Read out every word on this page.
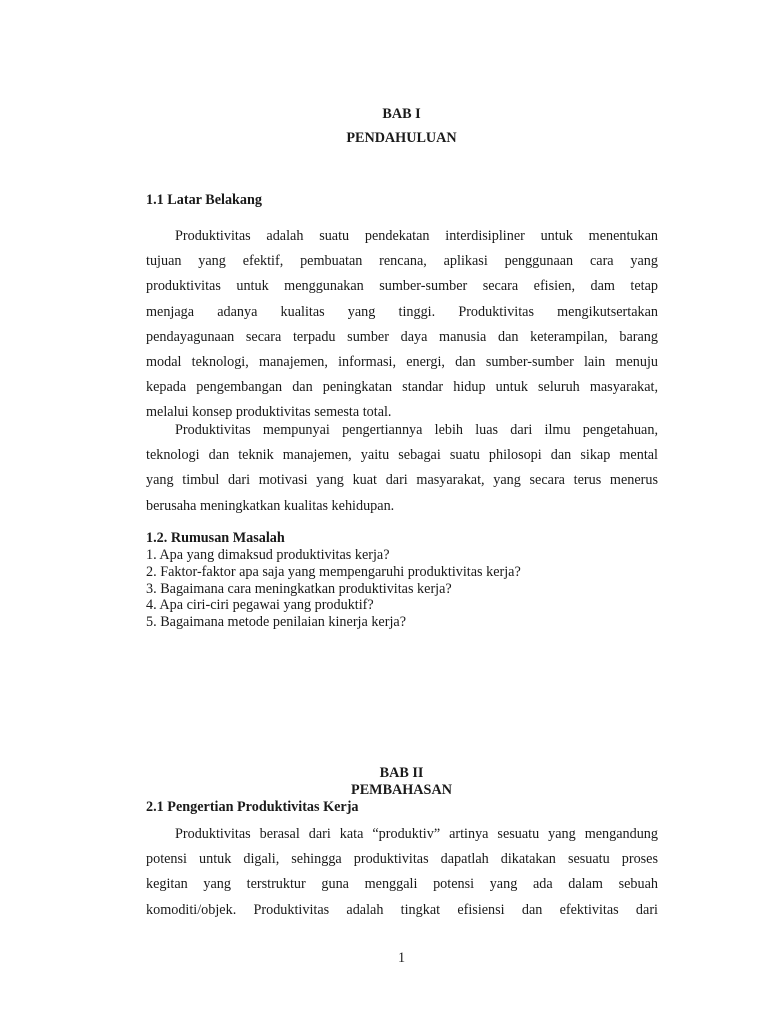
BAB I
PENDAHULUAN
1.1 Latar Belakang
Produktivitas adalah suatu pendekatan interdisipliner untuk menentukan
tujuan yang efektif, pembuatan rencana, aplikasi penggunaan cara yang
produktivitas untuk menggunakan sumber-sumber secara efisien, dam tetap
menjaga adanya kualitas yang tinggi. Produktivitas mengikutsertakan
pendayagunaan secara terpadu sumber daya manusia dan keterampilan, barang
modal teknologi, manajemen, informasi, energi, dan sumber-sumber lain menuju
kepada pengembangan dan peningkatan standar hidup untuk seluruh masyarakat,
melalui konsep produktivitas semesta total.
Produktivitas mempunyai pengertiannya lebih luas dari ilmu pengetahuan,
teknologi dan teknik manajemen, yaitu sebagai suatu philosopi dan sikap mental
yang timbul dari motivasi yang kuat dari masyarakat, yang secara terus menerus
berusaha meningkatkan kualitas kehidupan.
1.2. Rumusan Masalah
1. Apa yang dimaksud produktivitas kerja?
2. Faktor-faktor apa saja yang mempengaruhi produktivitas kerja?
3. Bagaimana cara meningkatkan produktivitas kerja?
4. Apa ciri-ciri pegawai yang produktif?
5. Bagaimana metode penilaian kinerja kerja?
BAB II
PEMBAHASAN
2.1 Pengertian Produktivitas Kerja
Produktivitas berasal dari kata “produktiv” artinya sesuatu yang mengandung
potensi untuk digali, sehingga produktivitas dapatlah dikatakan sesuatu proses
kegitan yang terstruktur guna menggali potensi yang ada dalam sebuah
komoditi/objek. Produktivitas adalah tingkat efisiensi dan efektivitas dari
1
